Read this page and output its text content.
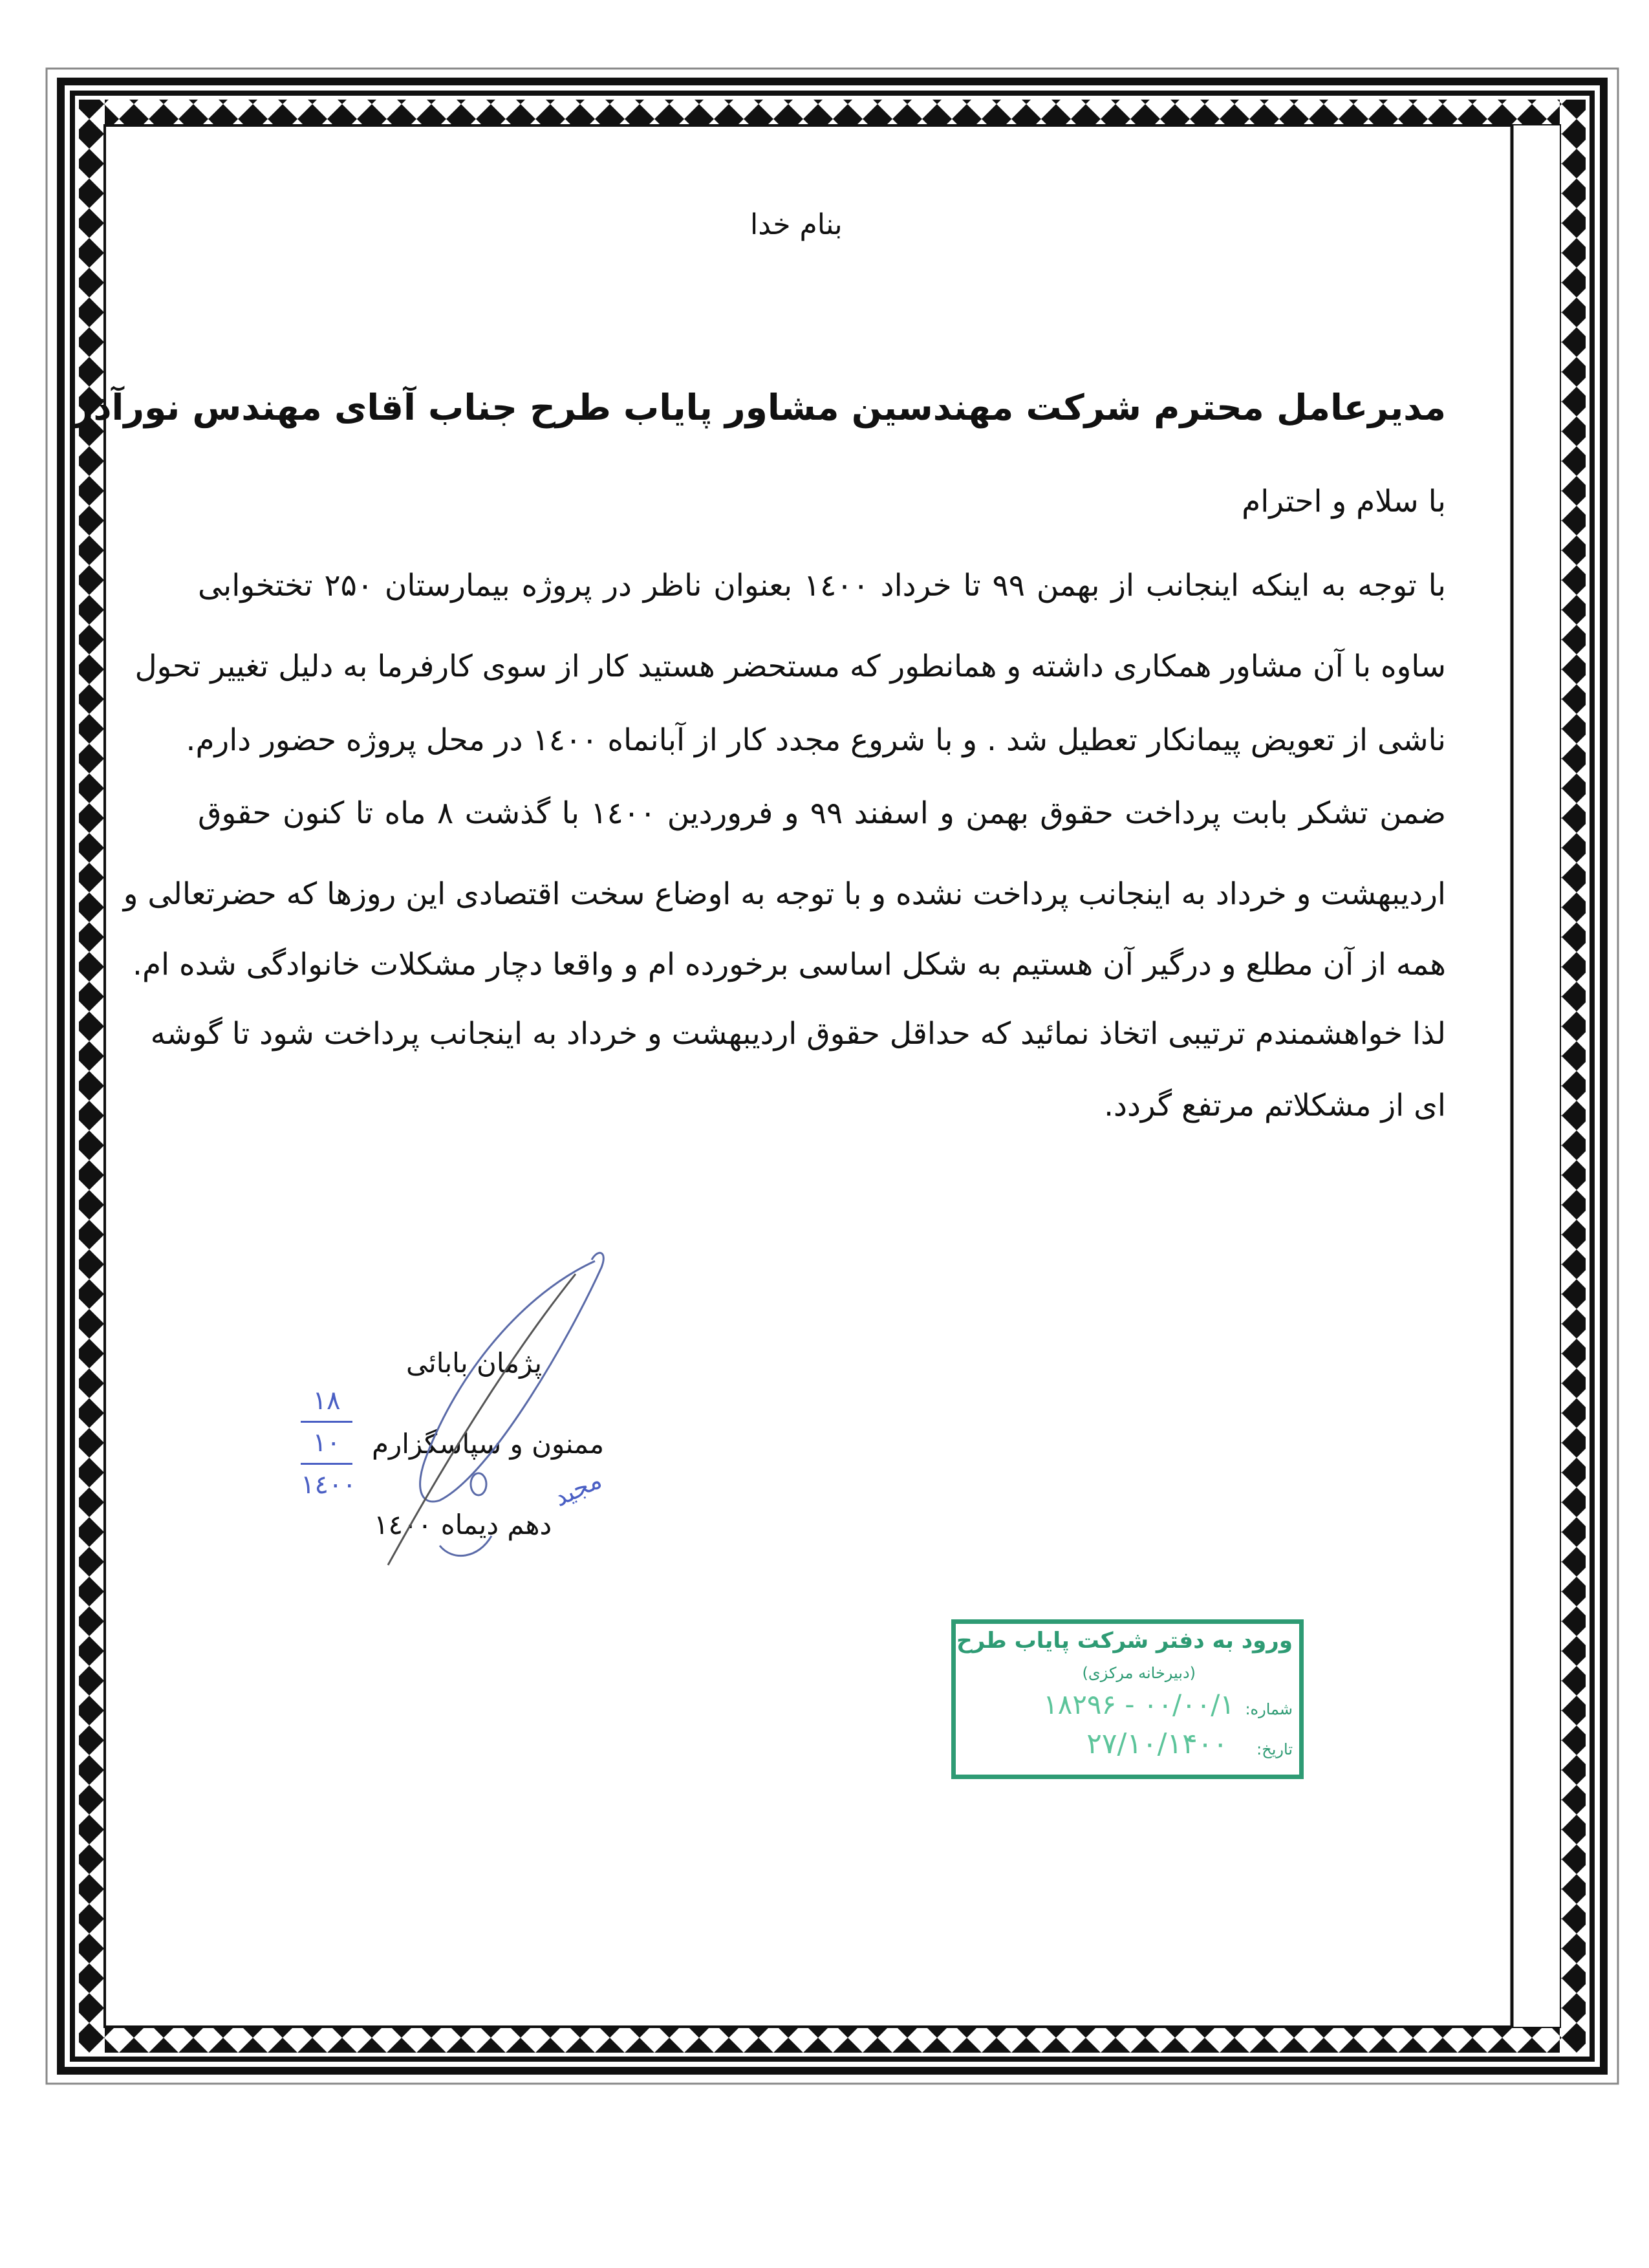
بنام خدا
مدیرعامل محترم شرکت مهندسین مشاور پایاب طرح جناب آقای مهندس نورآذر
با سلام و احترام
با توجه به اینکه اینجانب از بهمن ۹۹ تا خرداد ۱٤۰۰ بعنوان ناظر در پروژه بیمارستان ۲۵۰ تختخوابی
ساوه با آن مشاور همکاری داشته و همانطور که مستحضر هستید کار از سوی کارفرما به دلیل تغییر تحول
ناشی از تعویض پیمانکار تعطیل شد . و با شروع مجدد کار از آبانماه ۱٤۰۰ در محل پروژه حضور دارم.
ضمن تشکر بابت پرداخت حقوق بهمن و اسفند ۹۹ و فروردین ۱٤۰۰ با گذشت ۸ ماه تا کنون حقوق
اردیبهشت و خرداد به اینجانب پرداخت نشده و با توجه به اوضاع سخت اقتصادی این روزها که حضرتعالی و
همه از آن مطلع و درگیر آن هستیم به شکل اساسی برخورده ام و واقعا دچار مشکلات خانوادگی شده ام.
لذا خواهشمندم ترتیبی اتخاذ نمائید که حداقل حقوق اردیبهشت و خرداد به اینجانب پرداخت شود تا گوشه
ای از مشکلاتم مرتفع گردد.
پژمان بابائی
ممنون و سپاسگزارم
دهم دیماه ۱٤۰۰
۱۸
۱۰
۱٤۰۰	مجید
ورود به دفتر شرکت پایاب طرح
(دبیرخانه مرکزی)
شماره:
۱۸۲۹۶ - ۰۰/۰۰/۱
تاریخ:
۲۷/۱۰/۱۴۰۰
